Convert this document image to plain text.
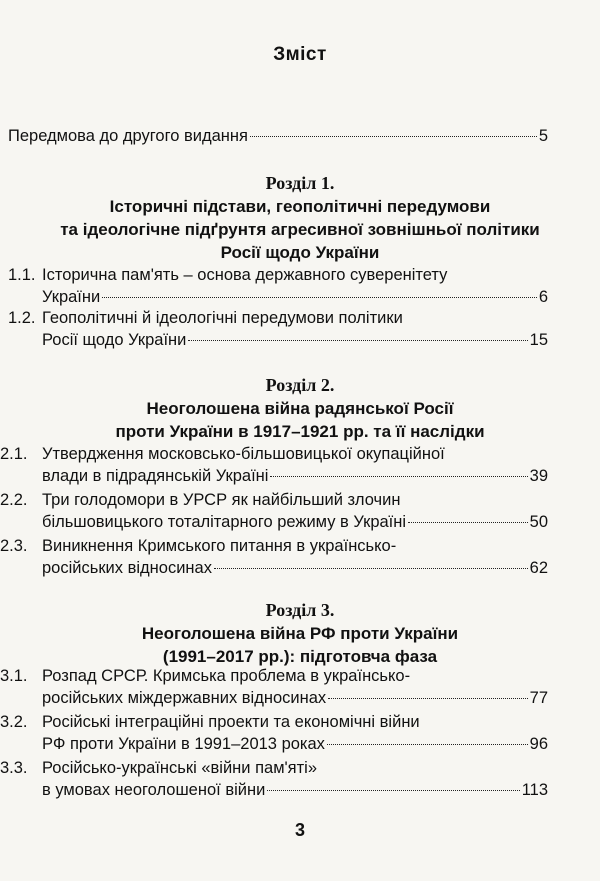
Зміст
Передмова до другого видання	5
Розділ 1.
Історичні підстави, геополітичні передумови
та ідеологічне підґрунтя агресивної зовнішньої політики
Росії щодо України
1.1. Історична пам'ять – основа державного суверенітету
України	6
1.2. Геополітичні й ідеологічні передумови політики
Росії щодо України	15
Розділ 2.
Неоголошена війна радянської Росії
проти України в 1917–1921 рр. та її наслідки
2.1. Утвердження московсько-більшовицької окупаційної
влади в підрадянській Україні	39
2.2. Три голодомори в УРСР як найбільший злочин
більшовицького тоталітарного режиму в Україні	50
2.3. Виникнення Кримського питання в українсько-
російських відносинах	62
Розділ 3.
Неоголошена війна РФ проти України
(1991–2017 рр.): підготовча фаза
3.1. Розпад СРСР. Кримська проблема в українсько-
російських міждержавних відносинах	77
3.2. Російські інтеграційні проекти та економічні війни
РФ проти України в 1991–2013 роках	96
3.3. Російсько-українські «війни пам'яті»
в умовах неоголошеної війни	113
3
